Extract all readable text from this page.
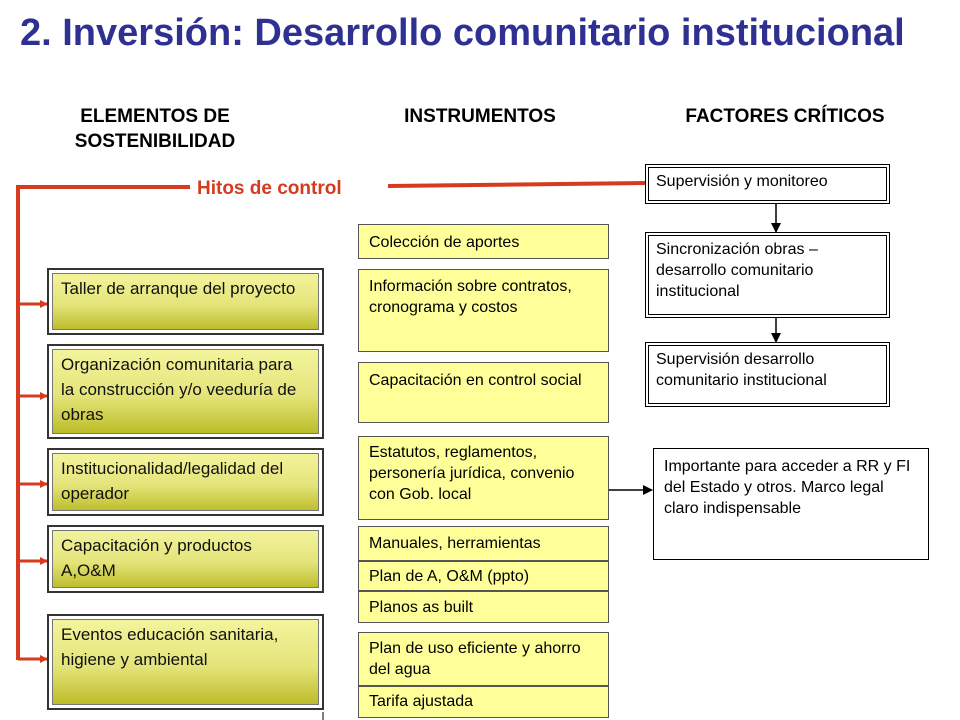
2. Inversión: Desarrollo comunitario institucional
ELEMENTOS DE SOSTENIBILIDAD
INSTRUMENTOS	FACTORES CRÍTICOS
Hitos de control
Taller de arranque del proyecto
Organización comunitaria para la construcción y/o veeduría de obras
Institucionalidad/legalidad del operador
Capacitación y productos A,O&M
Eventos educación sanitaria, higiene y ambiental
Colección de aportes
Información sobre contratos, cronograma y costos
Capacitación en control social
Estatutos, reglamentos, personería jurídica, convenio con Gob. local
Manuales, herramientas
Plan de A, O&M (ppto)
Planos as built
Plan de uso eficiente y ahorro del agua
Tarifa ajustada
Supervisión y monitoreo
Sincronización obras – desarrollo comunitario institucional
Supervisión desarrollo comunitario institucional
Importante para acceder a RR y FI del Estado y otros. Marco legal claro indispensable
